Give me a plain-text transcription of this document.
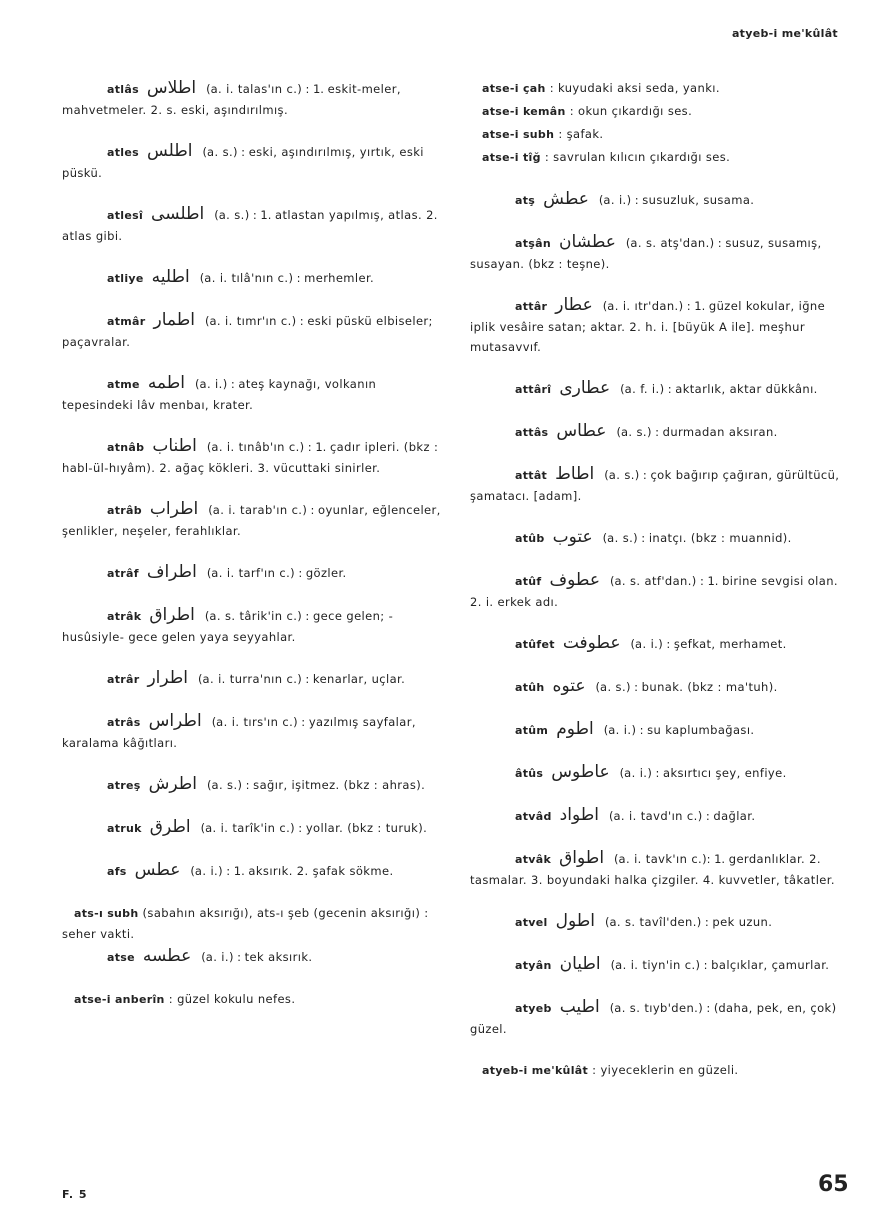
atyeb-i me'kûlât
atlâs اطلاس (a. i. talas'ın c.) : 1. eskit-meler, mahvetmeler. 2. s. eski, aşındırılmış.
atles اطلس (a. s.) : eski, aşındırılmış, yırtık, eski püskü.
atlesî اطلسی (a. s.) : 1. atlastan yapılmış, atlas. 2. atlas gibi.
atliye اطليه (a. i. tılâ'nın c.) : merhemler.
atmâr اطمار (a. i. tımr'ın c.) : eski püskü elbiseler; paçavralar.
atme اطمه (a. i.) : ateş kaynağı, volkanın tepesindeki lâv menbaı, krater.
atnâb اطناب (a. i. tınâb'ın c.) : 1. çadır ipleri. (bkz : habl-ül-hıyâm). 2. ağaç kökleri. 3. vücuttaki sinirler.
atrâb اطراب (a. i. tarab'ın c.) : oyunlar, eğlenceler, şenlikler, neşeler, ferahlıklar.
atrâf اطراف (a. i. tarf'ın c.) : gözler.
atrâk اطراق (a. s. târik'in c.) : gece gelen; -husûsiyle- gece gelen yaya seyyahlar.
atrâr اطرار (a. i. turra'nın c.) : kenarlar, uçlar.
atrâs اطراس (a. i. tırs'ın c.) : yazılmış sayfalar, karalama kâğıtları.
atreş اطرش (a. s.) : sağır, işitmez. (bkz : ahras).
atruk اطرق (a. i. tarîk'in c.) : yollar. (bkz : turuk).
afs عطس (a. i.) : 1. aksırık. 2. şafak sökme.
ats-ı subh (sabahın aksırığı), ats-ı şeb (gecenin aksırığı) : seher vakti.
atse عطسه (a. i.) : tek aksırık.
atse-i anberîn : güzel kokulu nefes.
atse-i çah : kuyudaki aksi seda, yankı.
atse-i kemân : okun çıkardığı ses.
atse-i subh : şafak.
atse-i tîğ : savrulan kılıcın çıkardığı ses.
atş عطش (a. i.) : susuzluk, susama.
atşân عطشان (a. s. atş'dan.) : susuz, susamış, susayan. (bkz : teşne).
attâr عطار (a. i. ıtr'dan.) : 1. güzel kokular, iğne iplik vesâire satan; aktar. 2. h. i. [büyük A ile]. meşhur mutasavvıf.
attârî عطاری (a. f. i.) : aktarlık, aktar dükkânı.
attâs عطاس (a. s.) : durmadan aksıran.
attât اطاط (a. s.) : çok bağırıp çağıran, gürültücü, şamatacı. [adam].
atûb عتوب (a. s.) : inatçı. (bkz : muannid).
atûf عطوف (a. s. atf'dan.) : 1. birine sevgisi olan. 2. i. erkek adı.
atûfet عطوفت (a. i.) : şefkat, merhamet.
atûh عتوه (a. s.) : bunak. (bkz : ma'tuh).
atûm اطوم (a. i.) : su kaplumbağası.
âtûs عاطوس (a. i.) : aksırtıcı şey, enfiye.
atvâd اطواد (a. i. tavd'ın c.) : dağlar.
atvâk اطواق (a. i. tavk'ın c.): 1. gerdanlıklar. 2. tasmalar. 3. boyundaki halka çizgiler. 4. kuvvetler, tâkatler.
atvel اطول (a. s. tavîl'den.) : pek uzun.
atyân اطيان (a. i. tiyn'in c.) : balçıklar, çamurlar.
atyeb اطيب (a. s. tıyb'den.) : (daha, pek, en, çok) güzel.
atyeb-i me'kûlât : yiyeceklerin en güzeli.
F. 5	65
